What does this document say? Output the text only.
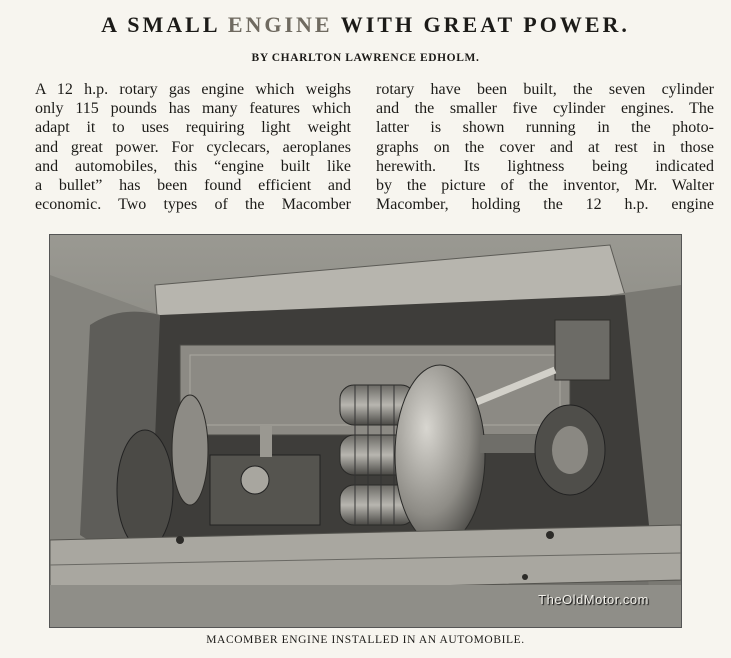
A SMALL ENGINE WITH GREAT POWER.
BY CHARLTON LAWRENCE EDHOLM.
A 12 h.p. rotary gas engine which weighs
only 115 pounds has many features which
adapt it to uses requiring light weight
and great power. For cyclecars, aeroplanes
and automobiles, this “engine built like
a bullet” has been found efficient and
economic. Two types of the Macomber
rotary have been built, the seven cylinder
and the smaller five cylinder engines. The
latter is shown running in the photo-
graphs on the cover and at rest in those
herewith. Its lightness being indicated
by the picture of the inventor, Mr. Walter
Macomber, holding the 12 h.p. engine
TheOldMotor.com
MACOMBER ENGINE INSTALLED IN AN AUTOMOBILE.
